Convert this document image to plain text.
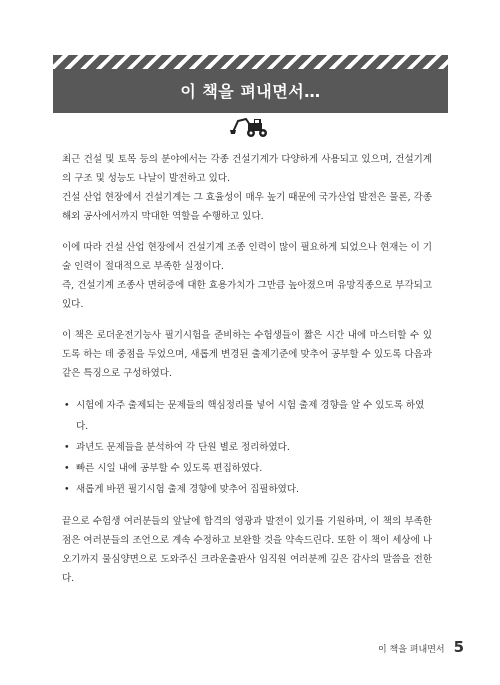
이 책을 펴내면서…

최근 건설 및 토목 등의 분야에서는 각종 건설기계가 다양하게 사용되고 있으며, 건설기계의 구조 및 성능도 나날이 발전하고 있다.

건설 산업 현장에서 건설기계는 그 효율성이 매우 높기 때문에 국가산업 발전은 물론, 각종 해외 공사에서까지 막대한 역할을 수행하고 있다.

이에 따라 건설 산업 현장에서 건설기계 조종 인력이 많이 필요하게 되었으나 현재는 이 기술 인력이 절대적으로 부족한 실정이다.

즉, 건설기계 조종사 면허증에 대한 효용가치가 그만큼 높아졌으며 유망직종으로 부각되고 있다.

이 책은 로더운전기능사 필기시험을 준비하는 수험생들이 짧은 시간 내에 마스터할 수 있도록 하는 데 중점을 두었으며, 새롭게 변경된 출제기준에 맞추어 공부할 수 있도록 다음과 같은 특징으로 구성하였다.

• 시험에 자주 출제되는 문제들의 핵심정리를 넣어 시험 출제 경향을 알 수 있도록 하였다.
• 과년도 문제들을 분석하여 각 단원 별로 정리하였다.
• 빠른 시일 내에 공부할 수 있도록 편집하였다.
• 새롭게 바뀐 필기시험 출제 경향에 맞추어 집필하였다.

끝으로 수험생 여러분들의 앞날에 합격의 영광과 발전이 있기를 기원하며, 이 책의 부족한 점은 여러분들의 조언으로 계속 수정하고 보완할 것을 약속드린다. 또한 이 책이 세상에 나오기까지 물심양면으로 도와주신 크라운출판사 임직원 여러분께 깊은 감사의 말씀을 전한다.

이 책을 펴내면서 5
